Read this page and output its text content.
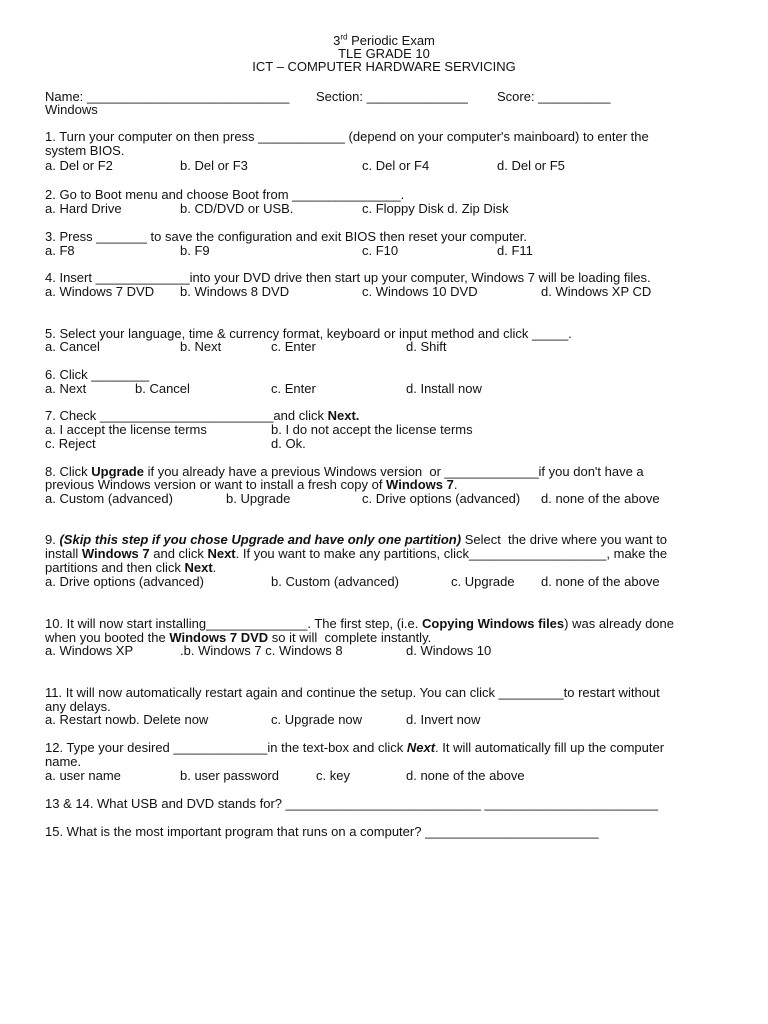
3rd Periodic Exam
TLE GRADE 10
ICT – COMPUTER HARDWARE SERVICING
Name: ____________________________ Section: ______________ Score: __________
Windows
1. Turn your computer on then press ____________ (depend on your computer's mainboard) to enter the
system BIOS.
a. Del or F2	b. Del or F3	c. Del or F4	d. Del or F5
2. Go to Boot menu and choose Boot from _______________.
a. Hard Drive	b. CD/DVD or USB.	c. Floppy Disk d. Zip Disk
3. Press _______ to save the configuration and exit BIOS then reset your computer.
a. F8	b. F9	c. F10	d. F11
4. Insert _____________into your DVD drive then start up your computer, Windows 7 will be loading files.
a. Windows 7 DVD b. Windows 8 DVD	c. Windows 10 DVD	d. Windows XP CD
5. Select your language, time & currency format, keyboard or input method and click _____.
a. Cancel	b. Next	c. Enter	d. Shift
6. Click ________
a. Next	b. Cancel	c. Enter	d. Install now
7. Check ________________________and click Next.
a. I accept the license terms	b. I do not accept the license terms
c. Reject	d. Ok.
8. Click Upgrade if you already have a previous Windows version  or _____________if you don't have a
previous Windows version or want to install a fresh copy of Windows 7.
a. Custom (advanced)	b. Upgrade	c. Drive options (advanced) d. none of the above
9. (Skip this step if you chose Upgrade and have only one partition) Select  the drive where you want to
install Windows 7 and click Next. If you want to make any partitions, click___________________, make the
partitions and then click Next.
a. Drive options (advanced)	b. Custom (advanced)	c. Upgrade d. none of the above
10. It will now start installing______________. The first step, (i.e. Copying Windows files) was already done
when you booted the Windows 7 DVD so it will  complete instantly.
a. Windows XP	.b. Windows 7 c. Windows 8	d. Windows 10
11. It will now automatically restart again and continue the setup. You can click _________to restart without
any delays.
a. Restart nowb. Delete now	c. Upgrade now	d. Invert now
12. Type your desired _____________in the text-box and click Next. It will automatically fill up the computer
name.
a. user name	b. user password	c. key	d. none of the above
13 & 14. What USB and DVD stands for? ___________________________ ________________________
15. What is the most important program that runs on a computer? ________________________
